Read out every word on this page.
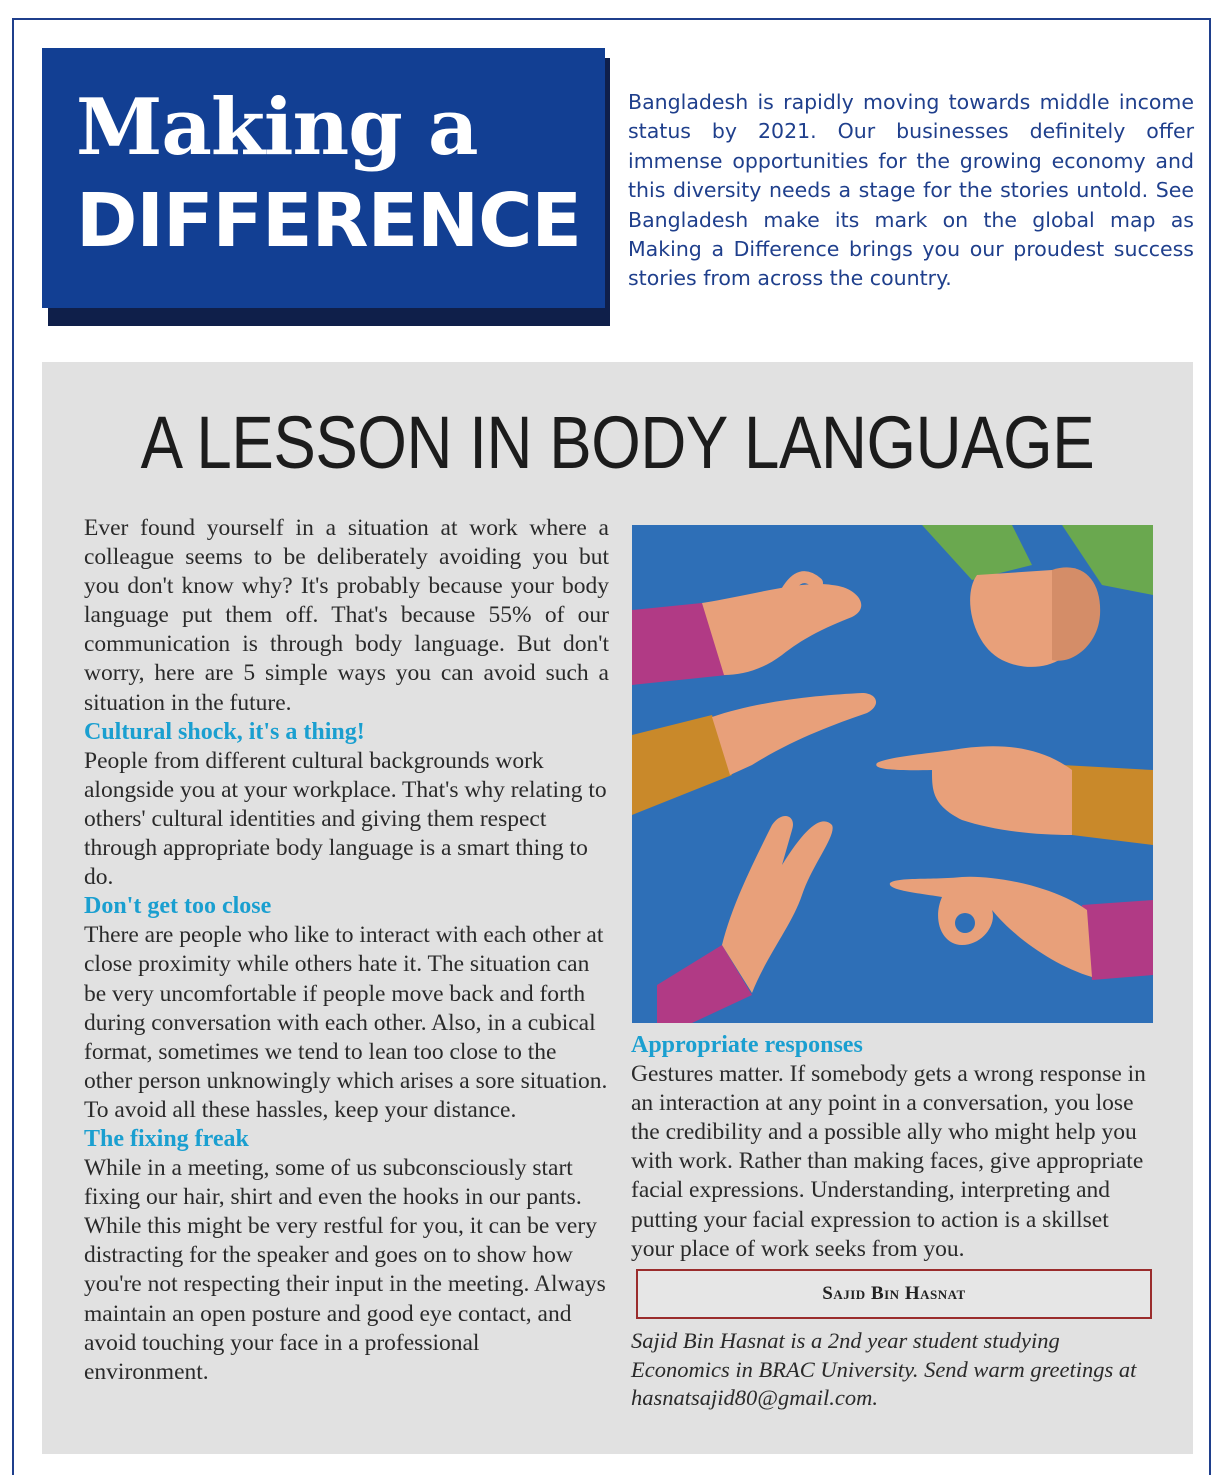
Making a
DIFFERENCE

Bangladesh is rapidly moving towards middle income status by 2021. Our businesses definitely offer immense opportunities for the growing economy and this diversity needs a stage for the stories untold. See Bangladesh make its mark on the global map as Making a Difference brings you our proudest success stories from across the country.

A LESSON IN BODY LANGUAGE

Ever found yourself in a situation at work where a colleague seems to be deliberately avoiding you but you don't know why? It's probably because your body language put them off. That's because 55% of our communication is through body language. But don't worry, here are 5 simple ways you can avoid such a situation in the future.

Cultural shock, it's a thing!

People from different cultural backgrounds work alongside you at your workplace. That's why relating to others' cultural identities and giving them respect through appropriate body language is a smart thing to do.

Don't get too close

There are people who like to interact with each other at close proximity while others hate it. The situation can be very uncomfortable if people move back and forth during conversation with each other. Also, in a cubical format, sometimes we tend to lean too close to the other person unknowingly which arises a sore situation. To avoid all these hassles, keep your distance.

The fixing freak

While in a meeting, some of us subconsciously start fixing our hair, shirt and even the hooks in our pants. While this might be very restful for you, it can be very distracting for the speaker and goes on to show how you're not respecting their input in the meeting. Always maintain an open posture and good eye contact, and avoid touching your face in a professional environment.

Appropriate responses

Gestures matter. If somebody gets a wrong response in an interaction at any point in a conversation, you lose the credibility and a possible ally who might help you with work. Rather than making faces, give appropriate facial expressions. Understanding, interpreting and putting your facial expression to action is a skillset your place of work seeks from you.

Sajid Bin Hasnat

Sajid Bin Hasnat is a 2nd year student studying Economics in BRAC University. Send warm greetings at hasnatsajid80@gmail.com.
